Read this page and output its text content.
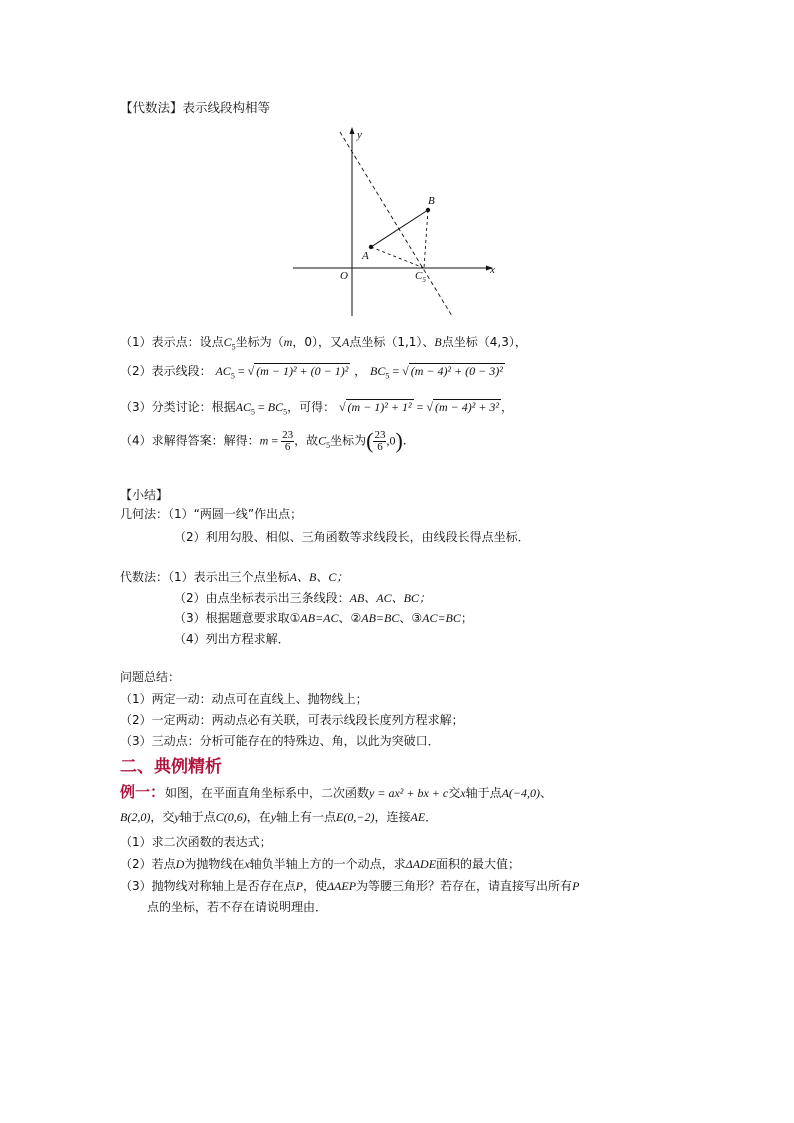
【代数法】表示线段构相等
y
x
O
A
B
$C_5$
（1）表示点：设点$C_5$坐标为（m，0），又A点坐标（1,1）、B点坐标（4,3），
（2）表示线段： $AC_5$ = √ (m − 1)² + (0 − 1)² ， $BC_5$ = √ (m − 4)² + (0 − 3)²
（3）分类讨论：根据$AC_5 = BC_5$，可得： √ (m − 1)² + 1² = √ (m − 4)² + 3² ，
（4）求解得答案：解得：$m = \frac{23}{6}$ ，故$C_5$坐标为( $\frac{23}{6} ,0$).
【小结】
几何法：（1）“两圆一线”作出点；
（2）利用勾股、相似、三角函数等求线段长，由线段长得点坐标．
代数法：（1）表示出三个点坐标A、B、C；
（2）由点坐标表示出三条线段：AB、AC、BC；
（3）根据题意要求取①AB=AC、②AB=BC、③AC=BC；
（4）列出方程求解．
问题总结：
（1）两定一动：动点可在直线上、抛物线上；
（2）一定两动：两动点必有关联，可表示线段长度列方程求解；
（3）三动点：分析可能存在的特殊边、角，以此为突破口．
二、典例精析
例一：如图，在平面直角坐标系中，二次函数y = ax² + bx + c交x轴于点A(−4,0)、
B(2,0)，交y轴于点C(0,6)，在y轴上有一点E(0,−2)，连接AE．
（1）求二次函数的表达式；
（2）若点D为抛物线在x轴负半轴上方的一个动点，求ΔADE面积的最大值；
（3）抛物线对称轴上是否存在点P，使ΔAEP为等腰三角形？若存在，请直接写出所有P
点的坐标，若不存在请说明理由．
